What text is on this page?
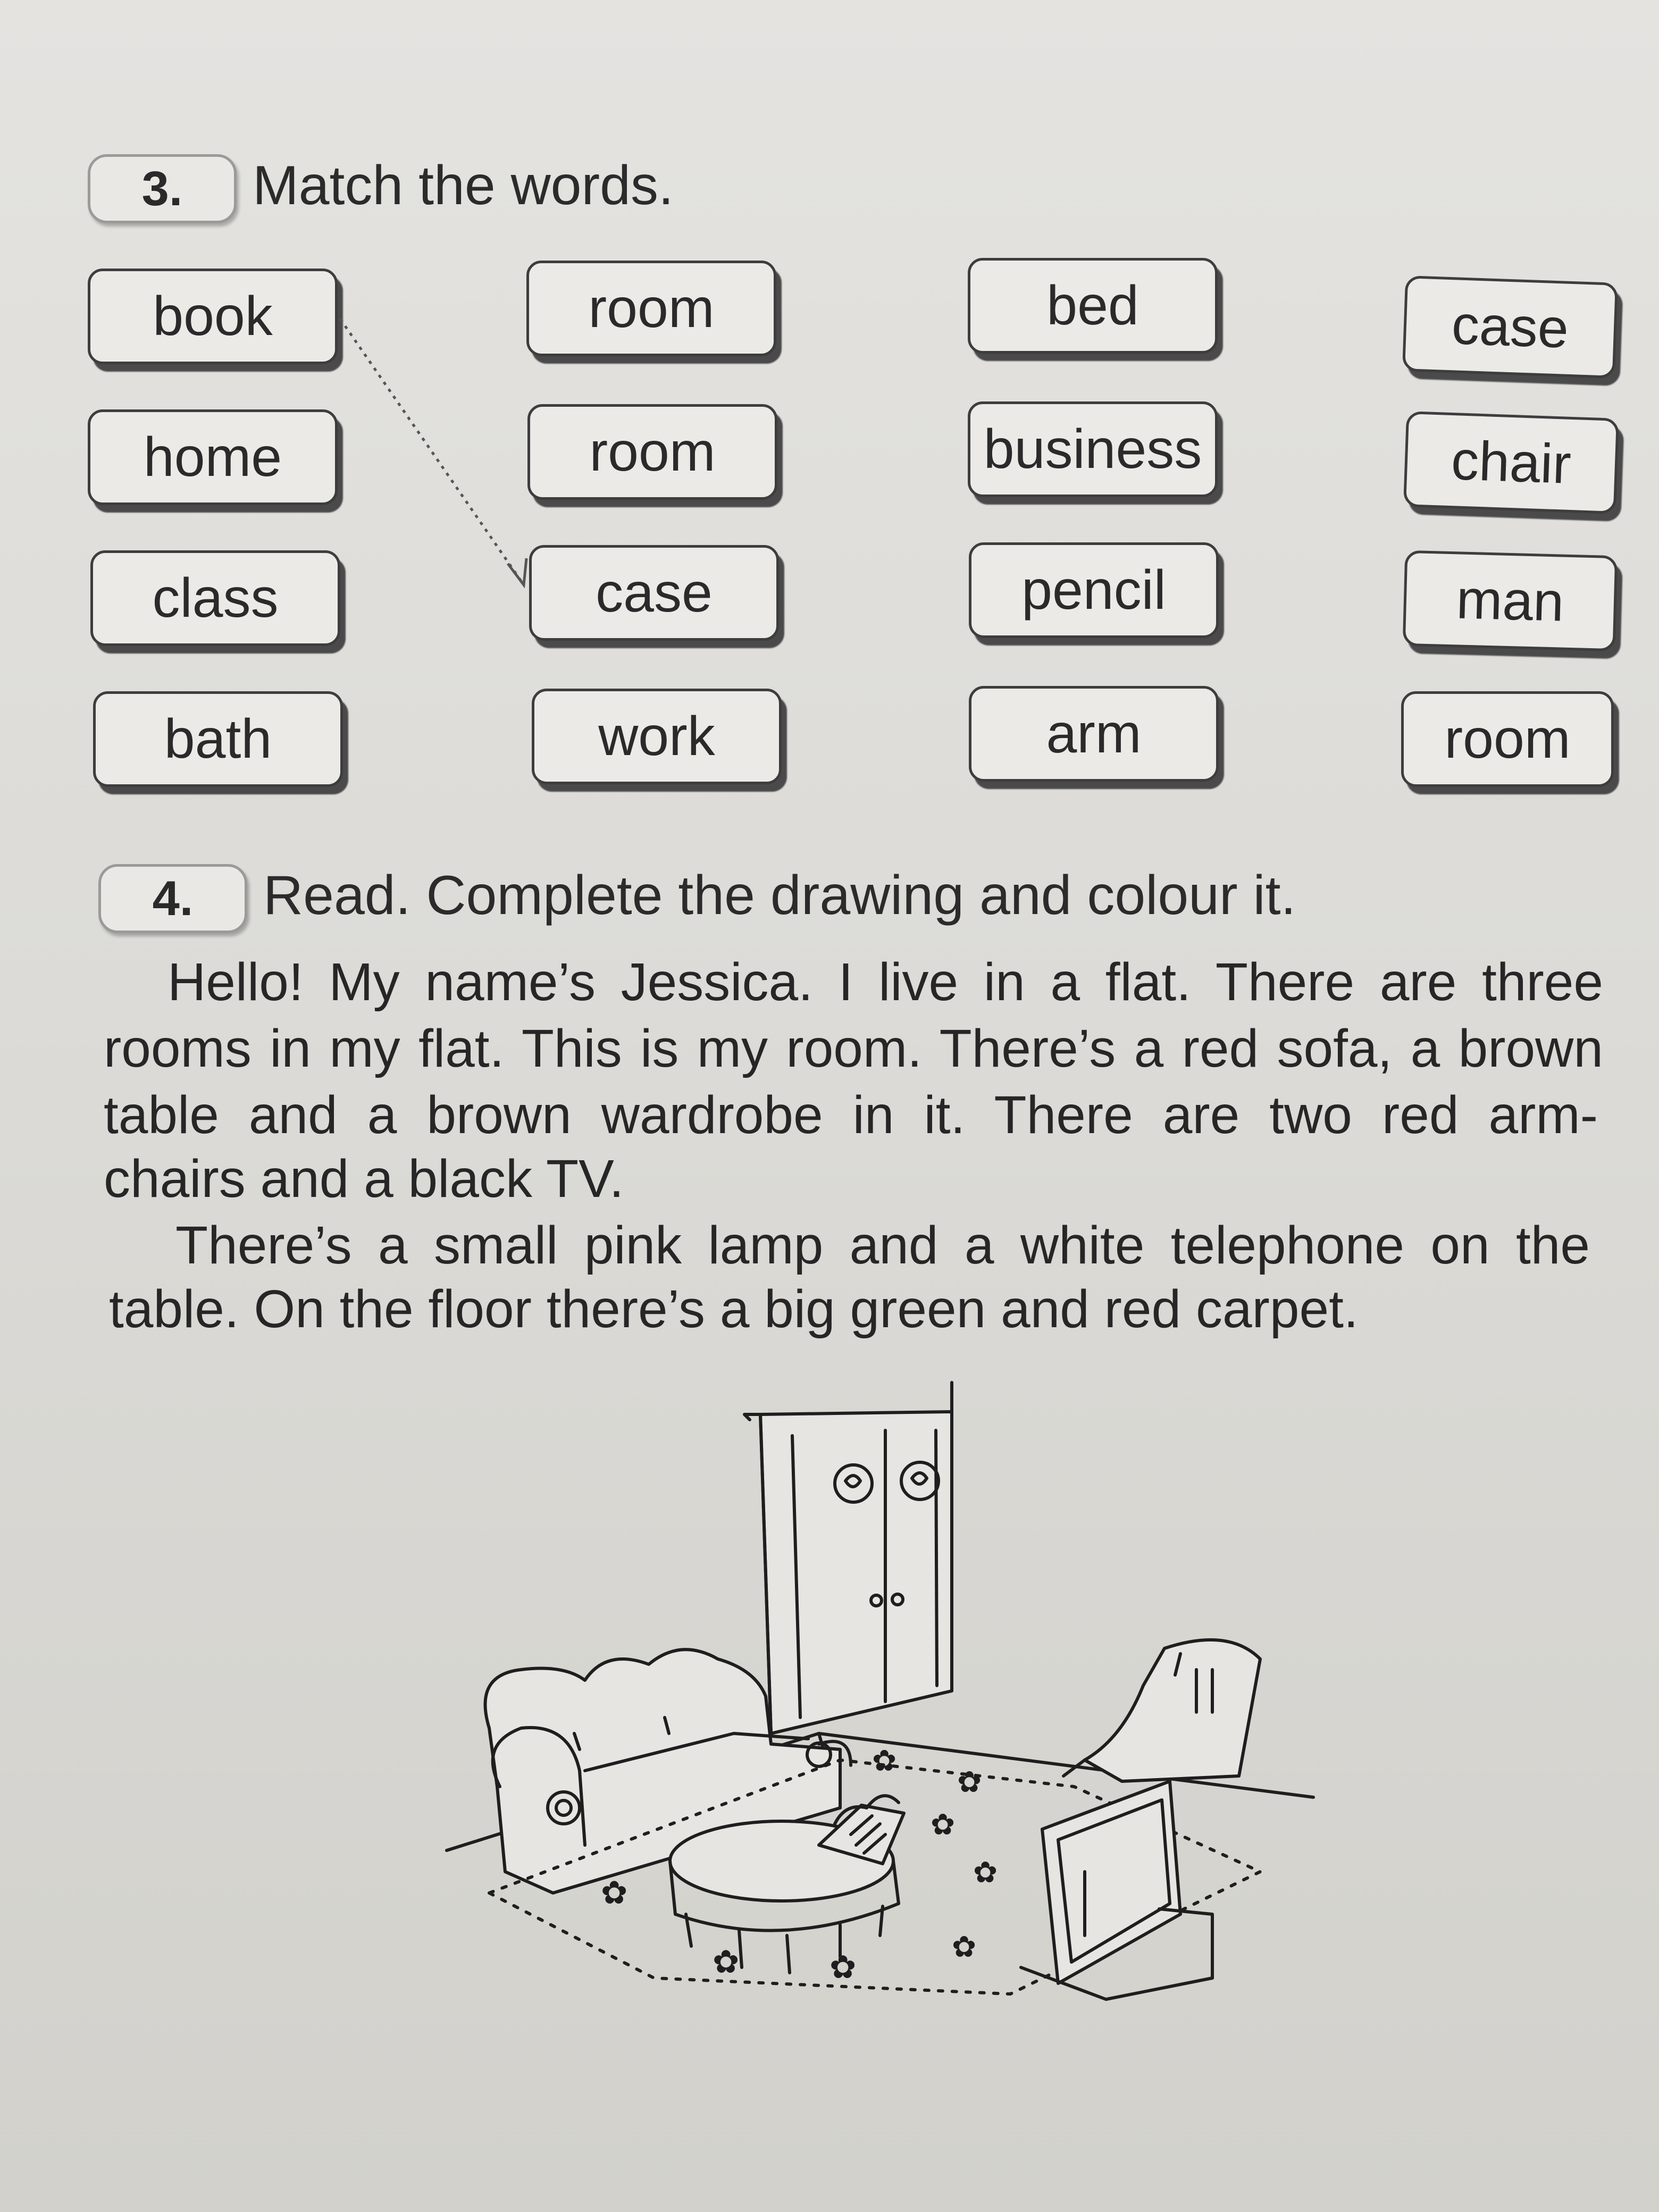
3. Match the words.
book
home
class
bath
room
room
case
work
bed
business
pencil
arm
case
chair
man
room
4. Read. Complete the drawing and colour it.
Hello! My name’s Jessica. I live in a flat. There are three
rooms in my flat. This is my room. There’s a red sofa, a brown
table and a brown wardrobe in it. There are two red arm-
chairs and a black TV.
There’s a small pink lamp and a white telephone on the
table. On the floor there’s a big green and red carpet.
✿
✿	✿
✿
✿
✿
✿
✿
